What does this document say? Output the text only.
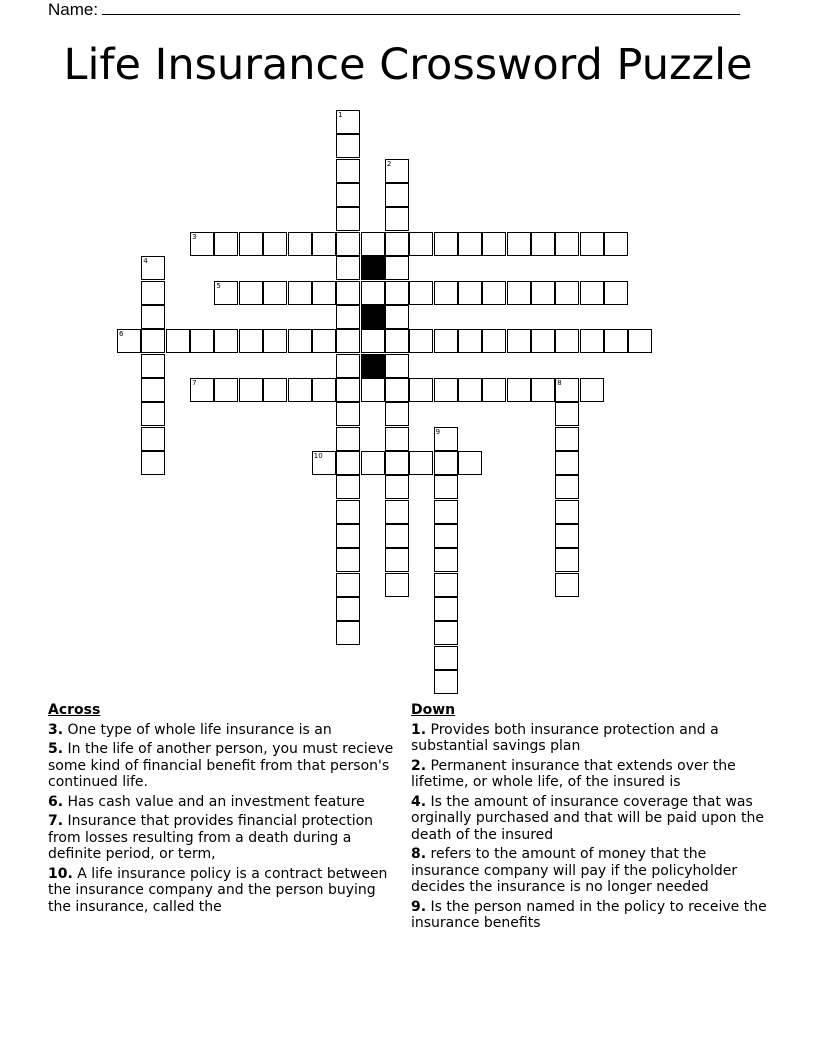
Name:
Life Insurance Crossword Puzzle
1
2
3
4
5
6
7	8
9
10
Across
3. One type of whole life insurance is an
5. In the life of another person, you must recieve some kind of financial benefit from that person's continued life.
6. Has cash value and an investment feature
7. Insurance that provides financial protection from losses resulting from a death during a definite period, or term,
10. A life insurance policy is a contract between the insurance company and the person buying the insurance, called the
Down
1. Provides both insurance protection and a substantial savings plan
2. Permanent insurance that extends over the lifetime, or whole life, of the insured is
4. Is the amount of insurance coverage that was orginally purchased and that will be paid upon the death of the insured
8. refers to the amount of money that the insurance company will pay if the policyholder decides the insurance is no longer needed
9. Is the person named in the policy to receive the insurance benefits
